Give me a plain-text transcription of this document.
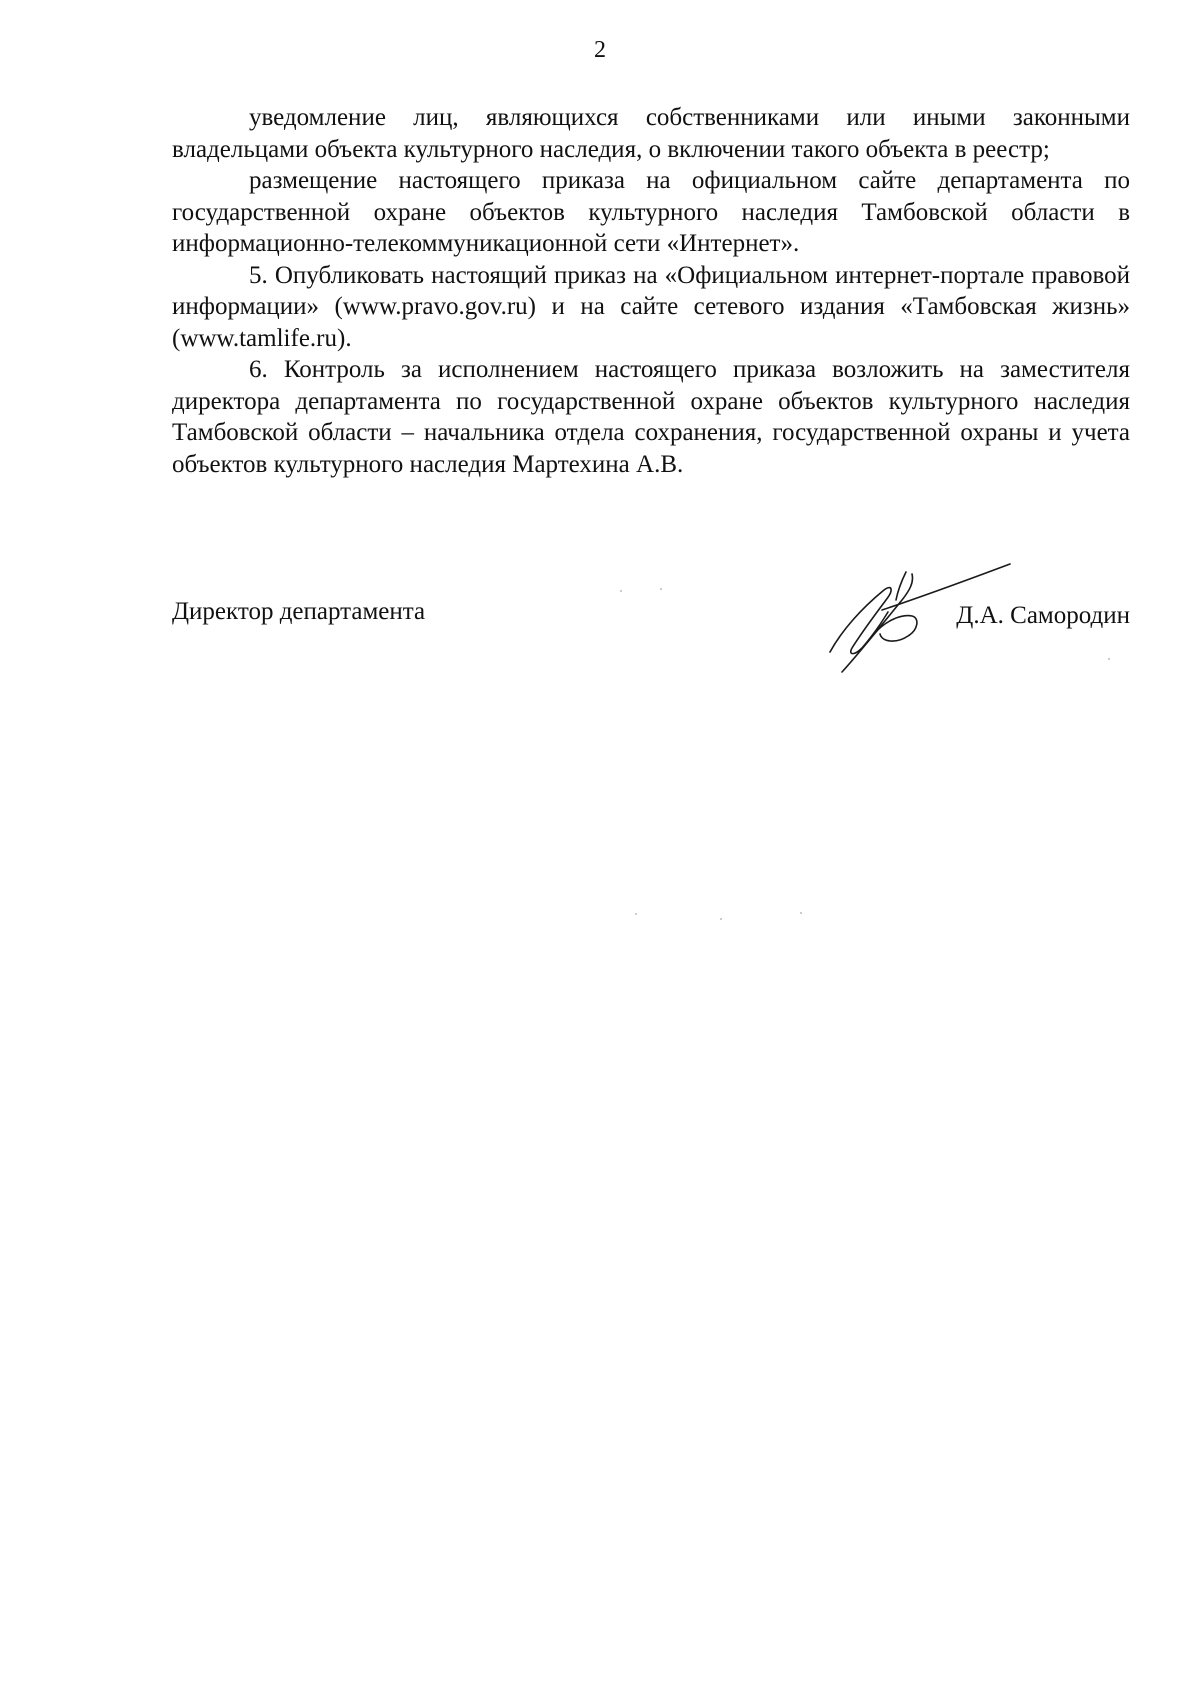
2

уведомление лиц, являющихся собственниками или иными законными владельцами объекта культурного наследия, о включении такого объекта в реестр;

размещение настоящего приказа на официальном сайте департамента по государственной охране объектов культурного наследия Тамбовской области в информационно-телекоммуникационной сети «Интернет».

5. Опубликовать настоящий приказ на «Официальном интернет-портале правовой информации» (www.pravo.gov.ru) и на сайте сетевого издания «Тамбовская жизнь» (www.tamlife.ru).

6. Контроль за исполнением настоящего приказа возложить на заместителя директора департамента по государственной охране объектов культурного наследия Тамбовской области – начальника отдела сохранения, государственной охраны и учета объектов культурного наследия Мартехина А.В.

Директор департамента	Д.А. Самородин
